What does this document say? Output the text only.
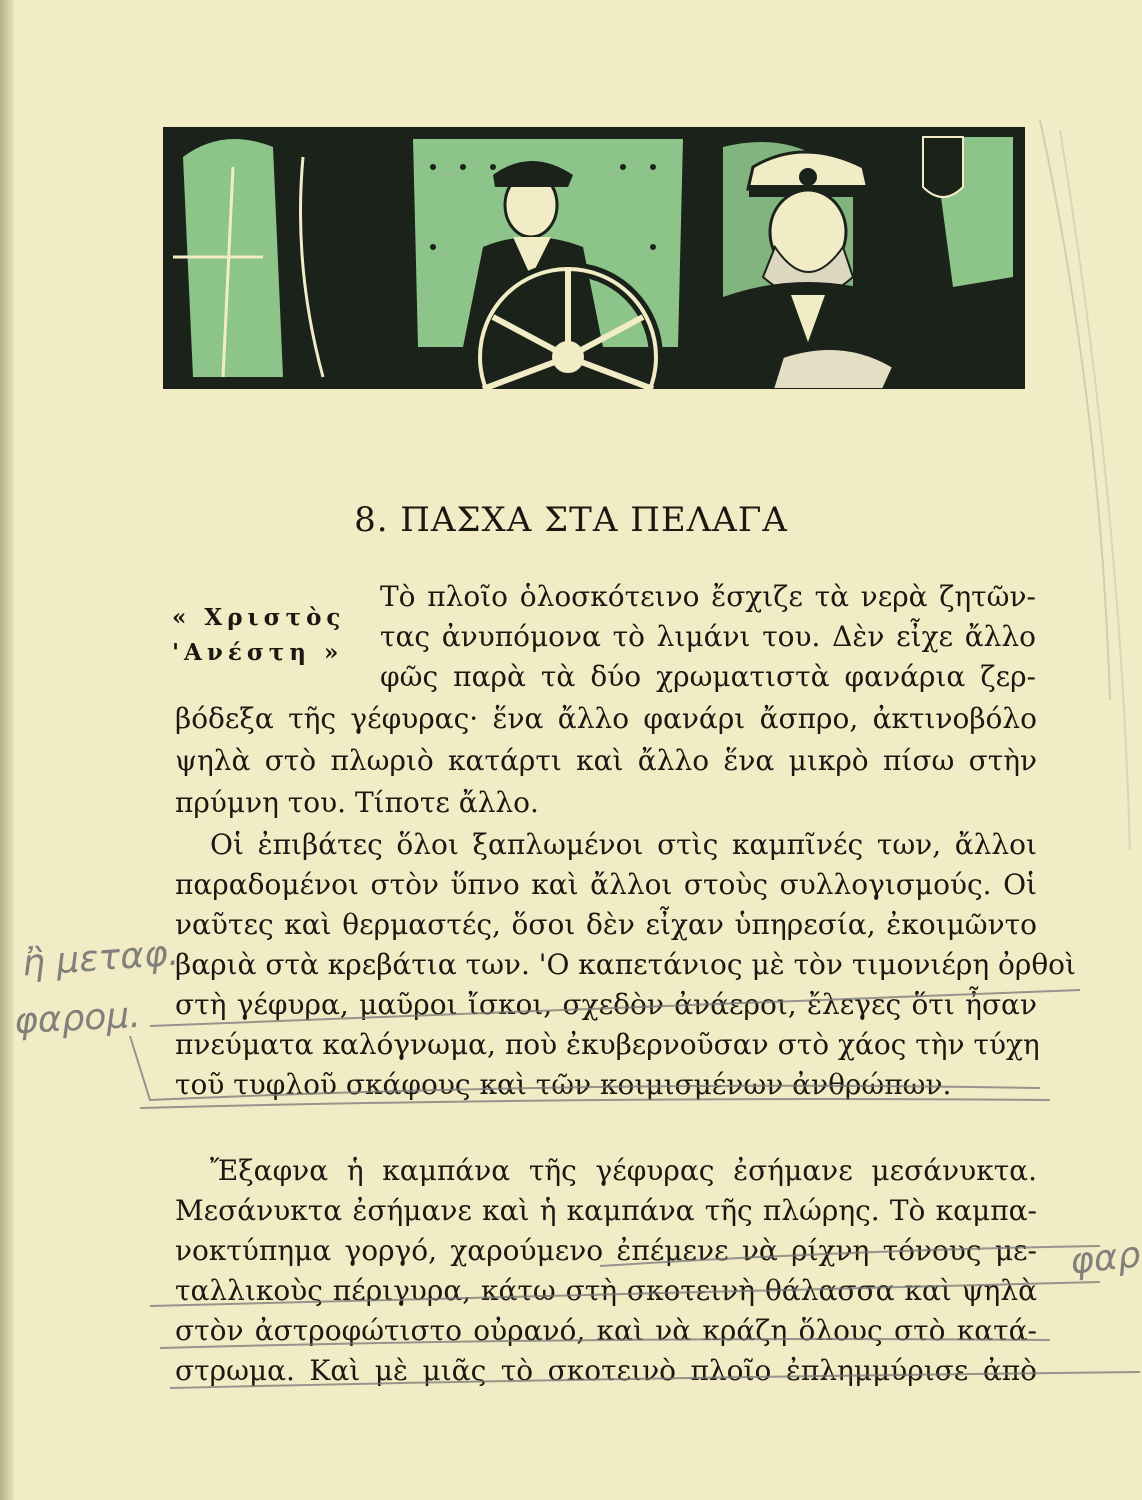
8. ΠΑΣΧΑ ΣΤΑ ΠΕΛΑΓΑ
« Χριστὸς
'Ανέστη »
Τὸ πλοῖο ὁλοσκότεινο ἔσχιζε τὰ νερὰ ζητῶν-
τας ἀνυπόμονα τὸ λιμάνι του. Δὲν εἶχε ἄλλο
φῶς παρὰ τὰ δύο χρωματιστὰ φανάρια ζερ-
βόδεξα τῆς γέφυρας· ἕνα ἄλλο φανάρι ἄσπρο, ἀκτινοβόλο
ψηλὰ στὸ πλωριὸ κατάρτι καὶ ἄλλο ἕνα μικρὸ πίσω στὴν
πρύμνη του. Τίποτε ἄλλο.
Οἱ ἐπιβάτες ὅλοι ξαπλωμένοι στὶς καμπῖνές των, ἄλλοι
παραδομένοι στὸν ὕπνο καὶ ἄλλοι στοὺς συλλογισμούς. Οἱ
ναῦτες καὶ θερμαστές, ὅσοι δὲν εἶχαν ὑπηρεσία, ἐκοιμῶντο
βαριὰ στὰ κρεβάτια των. 'Ο καπετάνιος μὲ τὸν τιμονιέρη ὀρθοὶ
στὴ γέφυρα, μαῦροι ἴσκοι, σχεδὸν ἀνάεροι, ἔλεγες ὅτι ἦσαν
πνεύματα καλόγνωμα, ποὺ ἐκυβερνοῦσαν στὸ χάος τὴν τύχη
τοῦ τυφλοῦ σκάφους καὶ τῶν κοιμισμένων ἀνθρώπων.
Ἔξαφνα ἡ καμπάνα τῆς γέφυρας ἐσήμανε μεσάνυκτα.
Μεσάνυκτα ἐσήμανε καὶ ἡ καμπάνα τῆς πλώρης. Τὸ καμπα-
νοκτύπημα γοργό, χαρούμενο ἐπέμενε νὰ ρίχνη τόνους με-
ταλλικοὺς πέριγυρα, κάτω στὴ σκοτεινὴ θάλασσα καὶ ψηλὰ
στὸν ἀστροφώτιστο οὐρανό, καὶ νὰ κράζη ὅλους στὸ κατά-
στρωμα. Καὶ μὲ μιᾶς τὸ σκοτεινὸ πλοῖο ἐπλημμύρισε ἀπὸ
ἢ μεταφ.
φαρομ.
φαρ
